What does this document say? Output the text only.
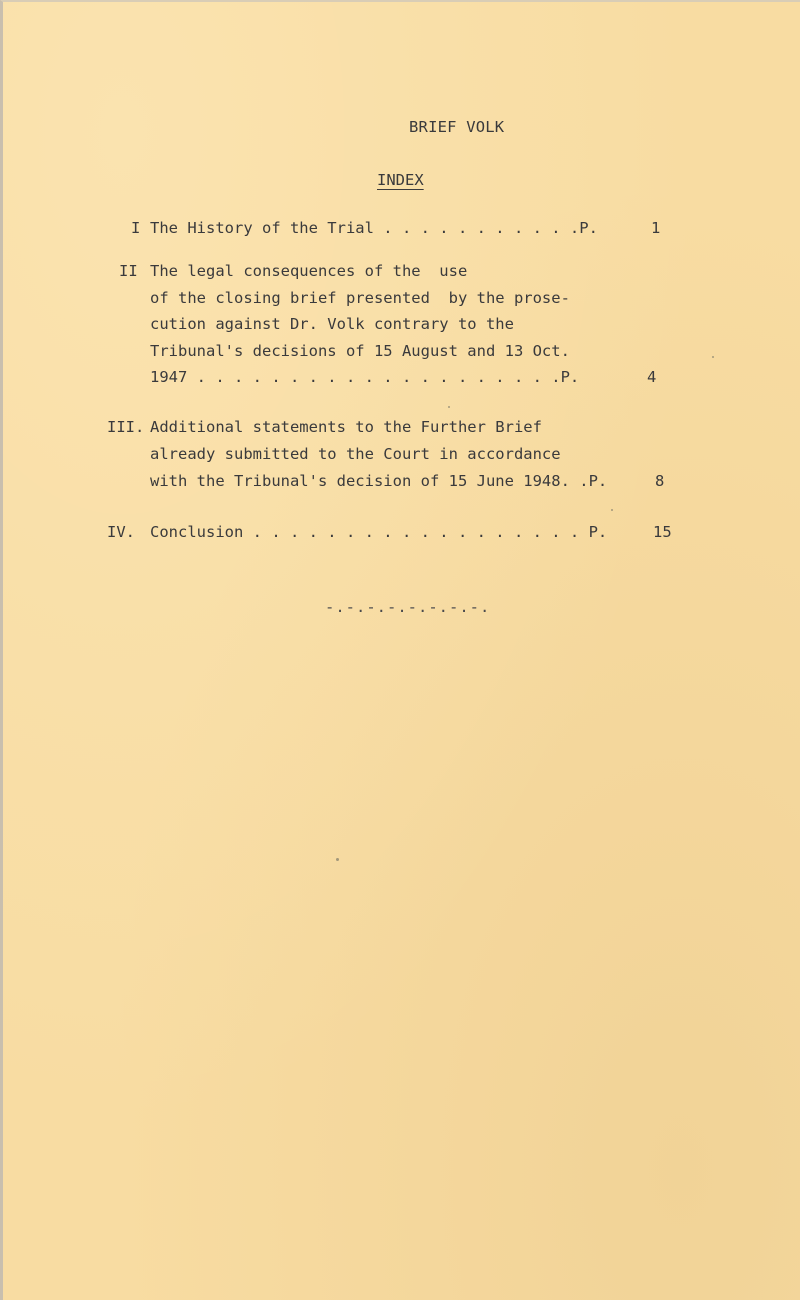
BRIEF VOLK
INDEX
I The History of the Trial . . . . . . . . . . .P.	1
II The legal consequences of the  use
of the closing brief presented  by the prose-
cution against Dr. Volk contrary to the
Tribunal's decisions of 15 August and 13 Oct.
1947 . . . . . . . . . . . . . . . . . . . .P.	4
III. Additional statements to the Further Brief
already submitted to the Court in accordance
with the Tribunal's decision of 15 June 1948. .P.	8
IV. Conclusion . . . . . . . . . . . . . . . . . . P.	15
-.-.-.-.-.-.-.-.
